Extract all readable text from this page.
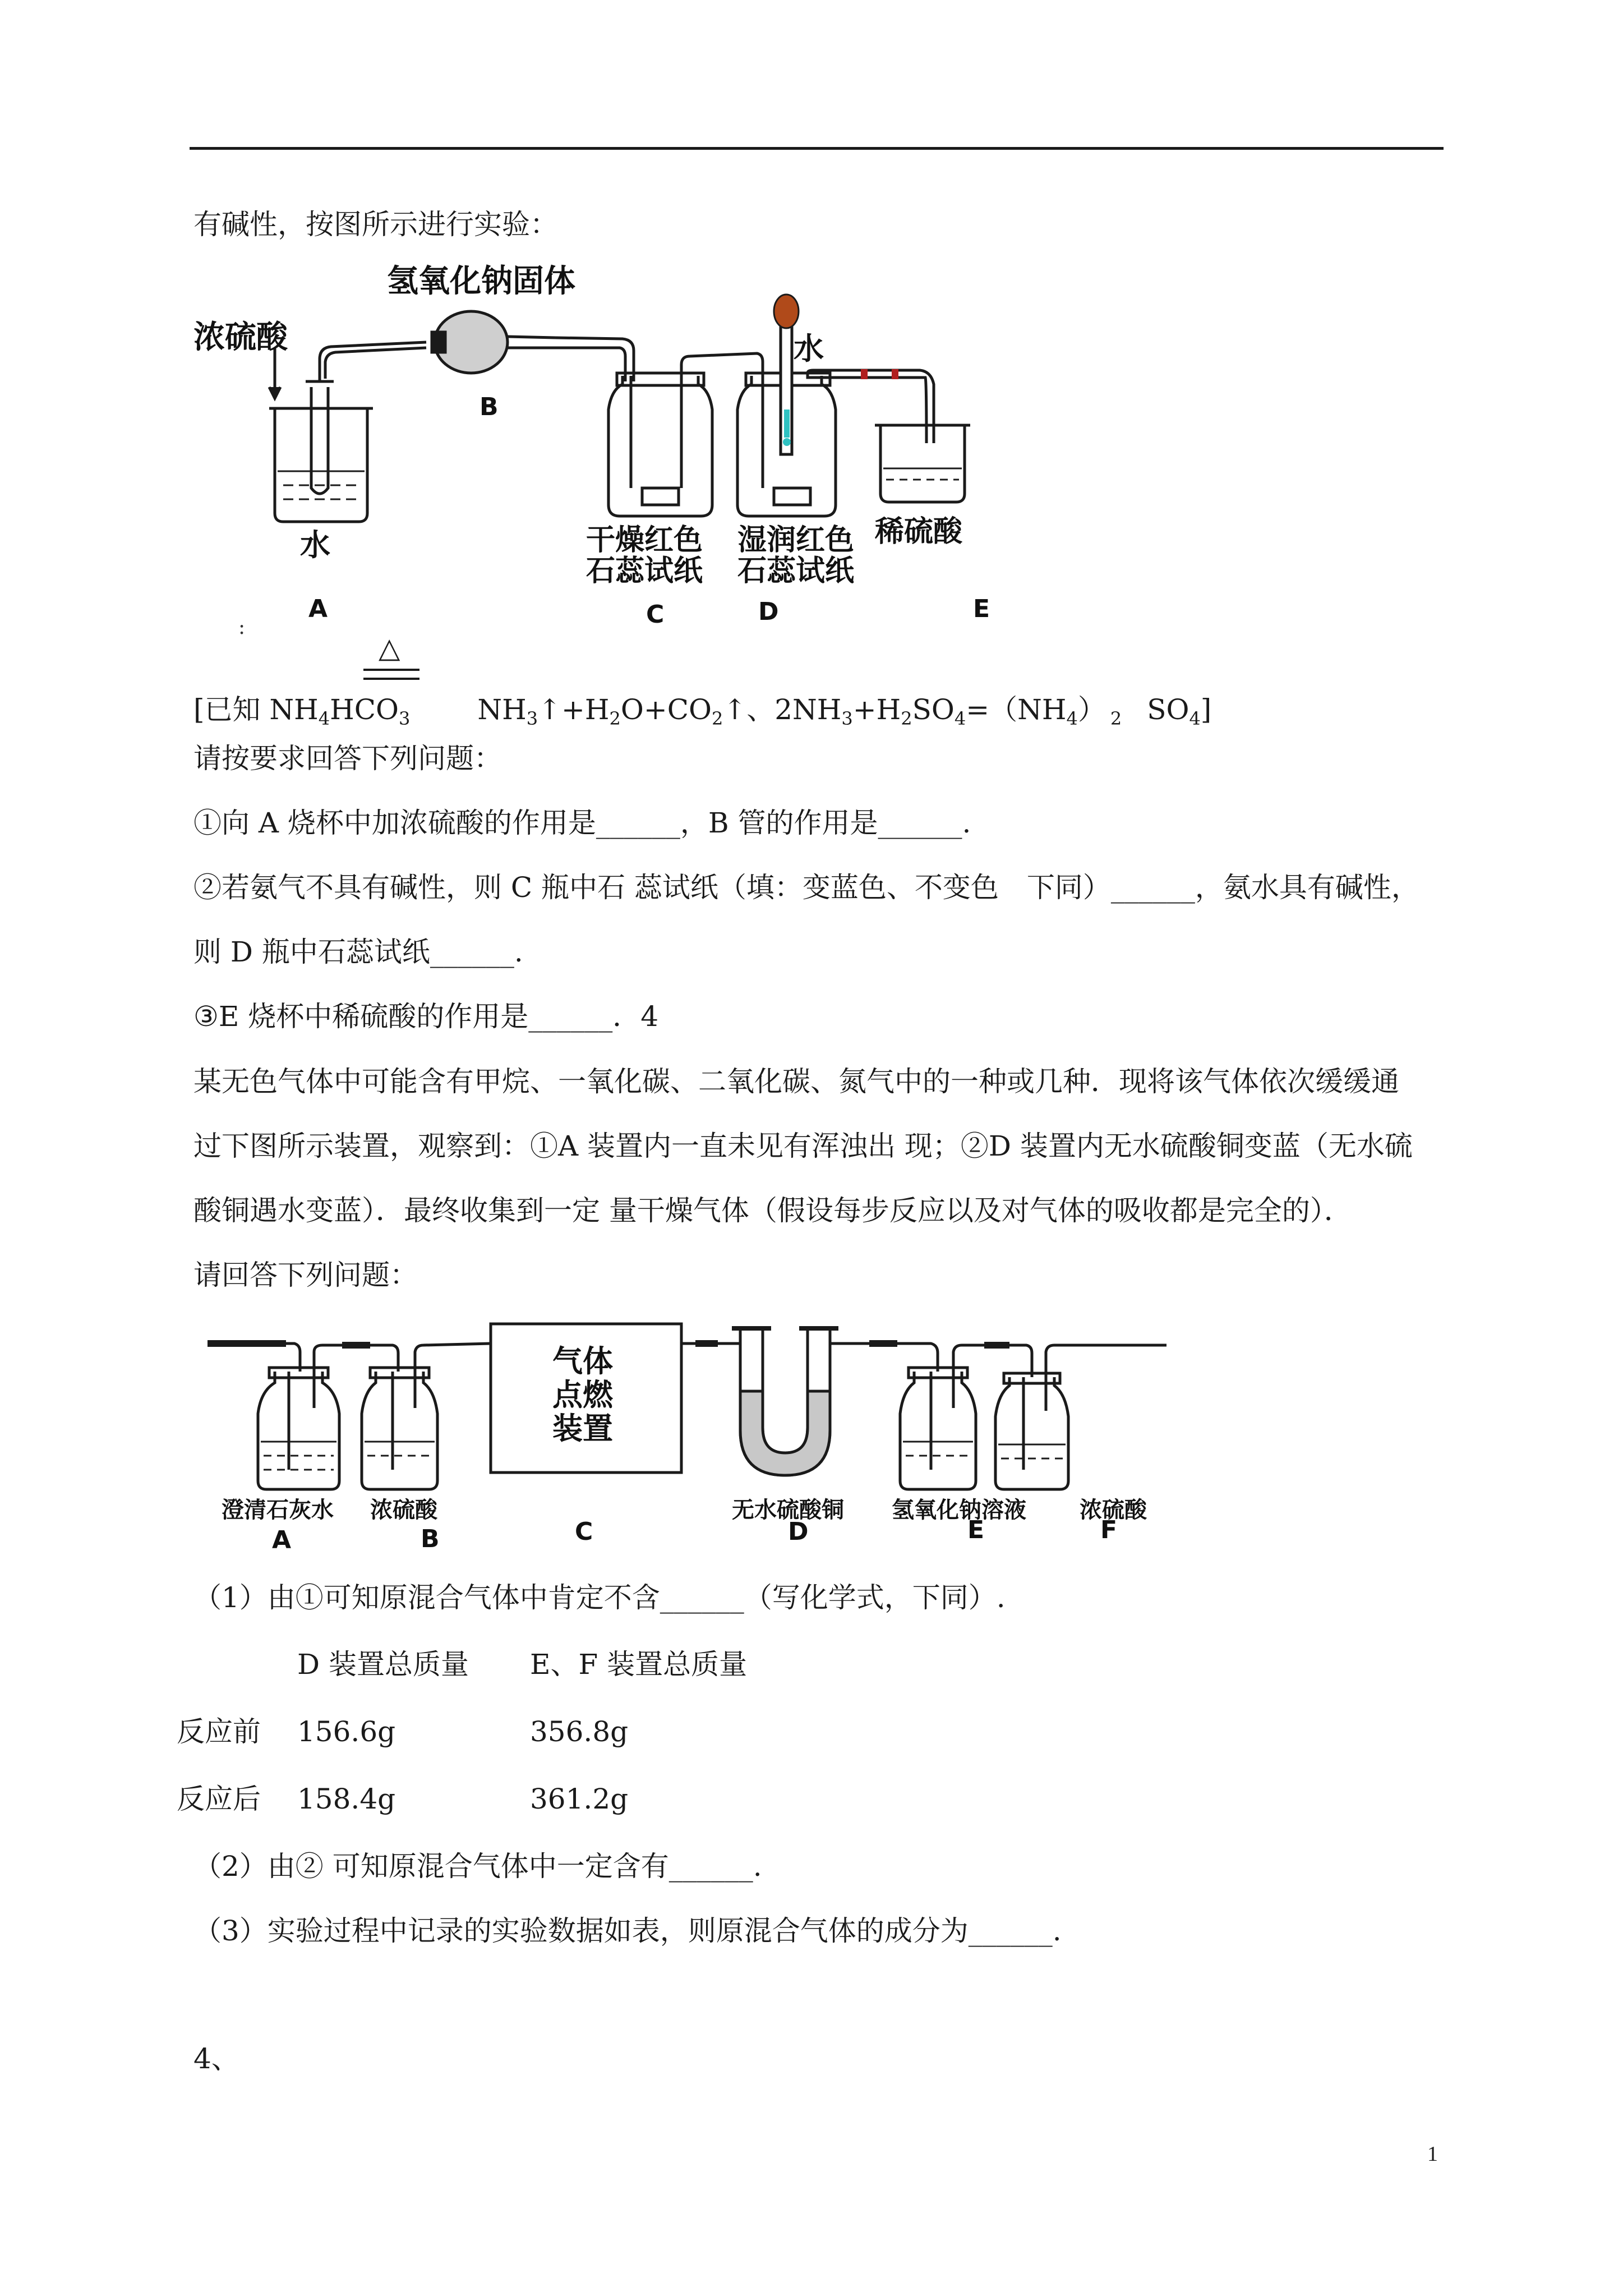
有碱性，按图所示进行实验：
氢氧化钠固体
浓硫酸	水
水	干燥红色
石蕊试纸
湿润红色
石蕊试纸
稀硫酸
B
A	C	D	E
:
△
[已知 $NH_4HCO_3$ $NH_3↑+H_2O+CO_2↑$、$2NH_3+H_2SO_4=(NH_4)$ $_2$ $SO_4$]
请按要求回答下列问题：
①向 A 烧杯中加浓硫酸的作用是______，B 管的作用是______.
②若氨气不具有碱性，则 C 瓶中石 蕊试纸（填：变蓝色、不变色　下同）______，氨水具有碱性，
则 D 瓶中石蕊试纸______.
③E 烧杯中稀硫酸的作用是______．4
某无色气体中可能含有甲烷、一氧化碳、二氧化碳、氮气中的一种或几种．现将该气体依次缓缓通
过下图所示装置，观察到：①A 装置内一直未见有浑浊出 现；②D 装置内无水硫酸铜变蓝（无水硫
酸铜遇水变蓝）．最终收集到一定 量干燥气体（假设每步反应以及对气体的吸收都是完全的）．
请回答下列问题：
气体
点燃
装置
澄清石灰水 浓硫酸	无水硫酸铜 氢氧化钠溶液 浓硫酸
A	B	C	D	E	F
（1）由①可知原混合气体中肯定不含______（写化学式，下同）.
D 装置总质量 E、F 装置总质量
反应前 156.6g	356.8g
反应后 158.4g	361.2g
（2）由② 可知原混合气体中一定含有______.
（3）实验过程中记录的实验数据如表，则原混合气体的成分为______.
4、
1
